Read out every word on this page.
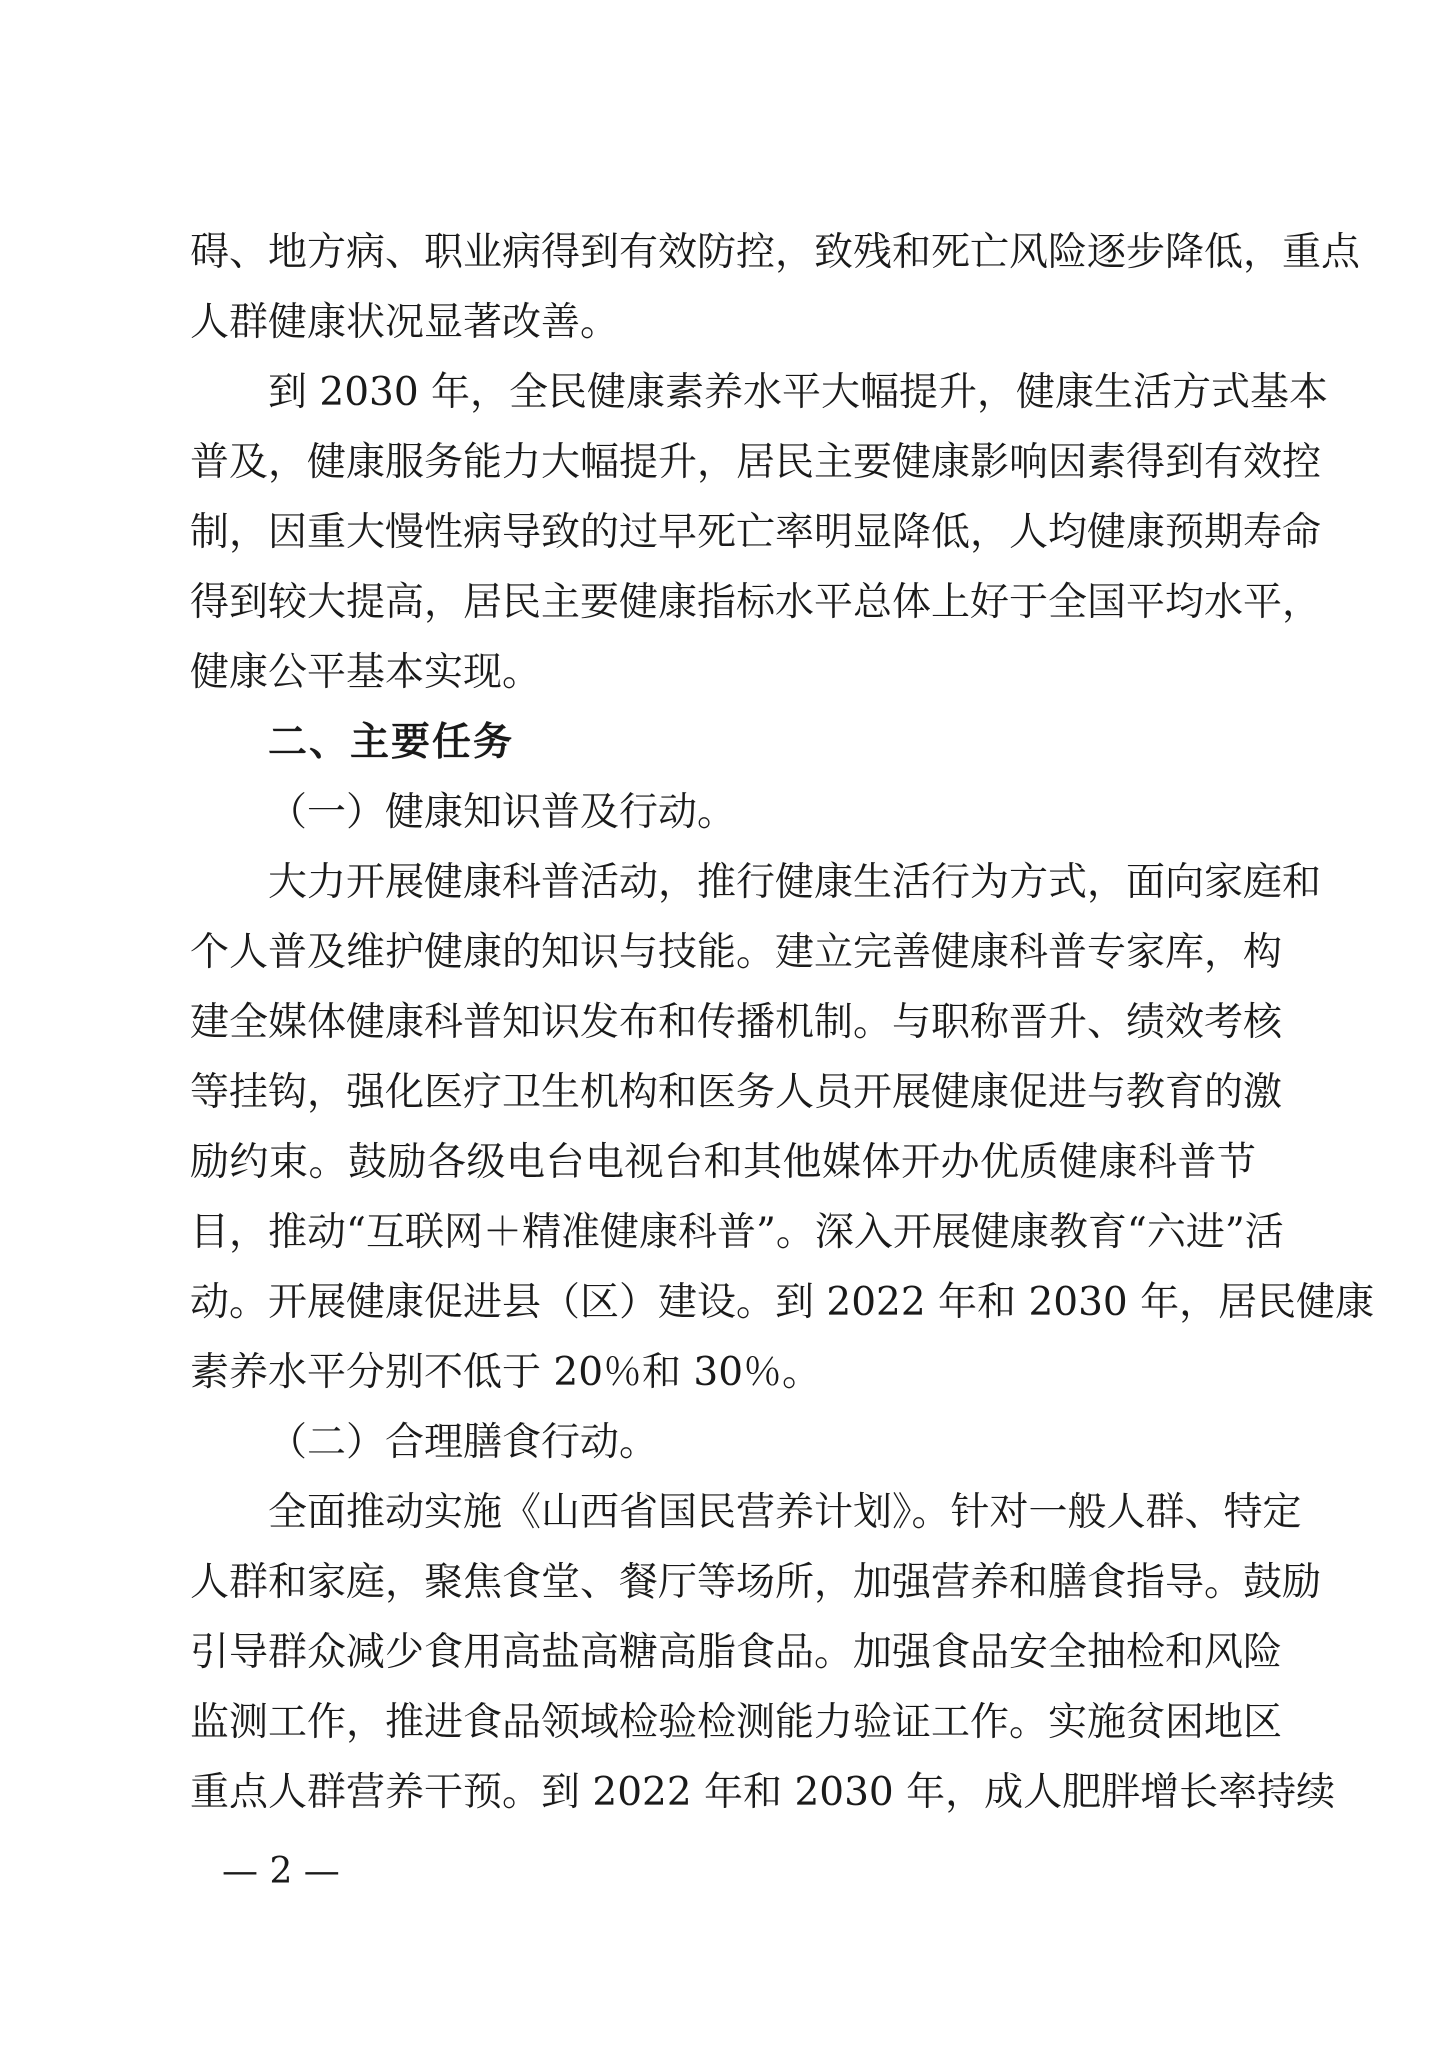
碍、地方病、职业病得到有效防控，致残和死亡风险逐步降低，重点
人群健康状况显著改善。
到 2030 年，全民健康素养水平大幅提升，健康生活方式基本
普及，健康服务能力大幅提升，居民主要健康影响因素得到有效控
制，因重大慢性病导致的过早死亡率明显降低，人均健康预期寿命
得到较大提高，居民主要健康指标水平总体上好于全国平均水平，
健康公平基本实现。
二、主要任务
（一）健康知识普及行动。
大力开展健康科普活动，推行健康生活行为方式，面向家庭和
个人普及维护健康的知识与技能。建立完善健康科普专家库，构
建全媒体健康科普知识发布和传播机制。与职称晋升、绩效考核
等挂钩，强化医疗卫生机构和医务人员开展健康促进与教育的激
励约束。鼓励各级电台电视台和其他媒体开办优质健康科普节
目，推动“互联网＋精准健康科普”。深入开展健康教育“六进”活
动。开展健康促进县（区）建设。到 2022 年和 2030 年，居民健康
素养水平分别不低于 20％和 30％。
（二）合理膳食行动。
全面推动实施《山西省国民营养计划》。针对一般人群、特定
人群和家庭，聚焦食堂、餐厅等场所，加强营养和膳食指导。鼓励
引导群众减少食用高盐高糖高脂食品。加强食品安全抽检和风险
监测工作，推进食品领域检验检测能力验证工作。实施贫困地区
重点人群营养干预。到 2022 年和 2030 年，成人肥胖增长率持续
— 2 —
